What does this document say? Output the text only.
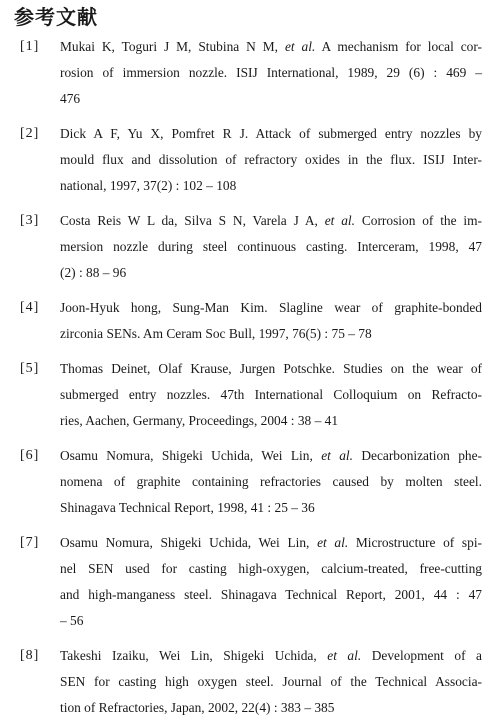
参考文献
[1]	Mukai K, Toguri J M, Stubina N M, et al. A mechanism for local cor-
rosion of immersion nozzle. ISIJ International, 1989, 29 (6) : 469 –
476
[2]	Dick A F, Yu X, Pomfret R J. Attack of submerged entry nozzles by
mould flux and dissolution of refractory oxides in the flux. ISIJ Inter-
national, 1997, 37(2) : 102 – 108
[3]	Costa Reis W L da, Silva S N, Varela J A, et al. Corrosion of the im-
mersion nozzle during steel continuous casting. Interceram, 1998, 47
(2) : 88 – 96
[4]	Joon-Hyuk hong, Sung-Man Kim. Slagline wear of graphite-bonded
zirconia SENs. Am Ceram Soc Bull, 1997, 76(5) : 75 – 78
[5]	Thomas Deinet, Olaf Krause, Jurgen Potschke. Studies on the wear of
submerged entry nozzles. 47th International Colloquium on Refracto-
ries, Aachen, Germany, Proceedings, 2004 : 38 – 41
[6]	Osamu Nomura, Shigeki Uchida, Wei Lin, et al. Decarbonization phe-
nomena of graphite containing refractories caused by molten steel.
Shinagava Technical Report, 1998, 41 : 25 – 36
[7]	Osamu Nomura, Shigeki Uchida, Wei Lin, et al. Microstructure of spi-
nel SEN used for casting high-oxygen, calcium-treated, free-cutting
and high-manganess steel. Shinagava Technical Report, 2001, 44 : 47
– 56
[8]	Takeshi Izaiku, Wei Lin, Shigeki Uchida, et al. Development of a
SEN for casting high oxygen steel. Journal of the Technical Associa-
tion of Refractories, Japan, 2002, 22(4) : 383 – 385
